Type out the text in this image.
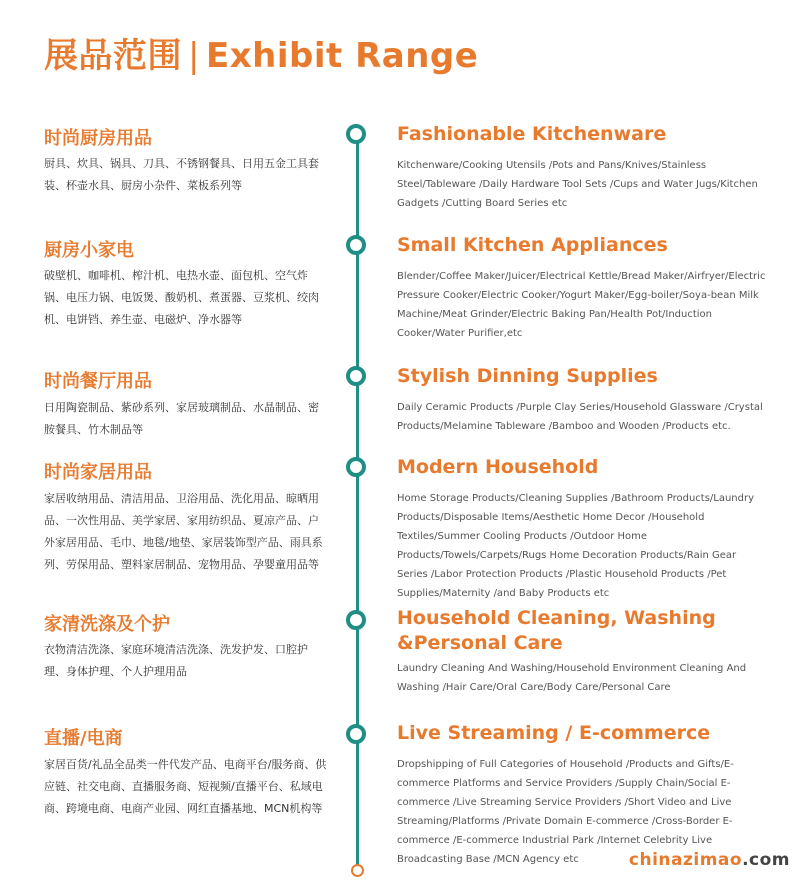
展品范围 | Exhibit Range
时尚厨房用品
厨具、炊具、锅具、刀具、不锈钢餐具、日用五金工具套装、杯壶水具、厨房小杂件、菜板系列等
Fashionable Kitchenware
Kitchenware/Cooking Utensils /Pots and Pans/Knives/Stainless Steel/Tableware /Daily Hardware Tool Sets /Cups and Water Jugs/Kitchen Gadgets /Cutting Board Series etc
厨房小家电
破壁机、咖啡机、榨汁机、电热水壶、面包机、空气炸锅、电压力锅、电饭煲、酸奶机、煮蛋器、豆浆机、绞肉机、电饼铛、养生壶、电磁炉、净水器等
Small Kitchen Appliances
Blender/Coffee Maker/Juicer/Electrical Kettle/Bread Maker/Airfryer/Electric Pressure Cooker/Electric Cooker/Yogurt Maker/Egg-boiler/Soya-bean Milk Machine/Meat Grinder/Electric Baking Pan/Health Pot/Induction Cooker/Water Purifier,etc
时尚餐厅用品
日用陶瓷制品、紫砂系列、家居玻璃制品、水晶制品、密胺餐具、竹木制品等
Stylish Dinning Supplies
Daily Ceramic Products /Purple Clay Series/Household Glassware /Crystal Products/Melamine Tableware /Bamboo and Wooden /Products etc.
时尚家居用品
家居收纳用品、清洁用品、卫浴用品、洗化用品、晾晒用品、一次性用品、美学家居、家用纺织品、夏凉产品、户外家居用品、毛巾、地毯/地垫、家居装饰型产品、雨具系列、劳保用品、塑料家居制品、宠物用品、孕婴童用品等
Modern Household
Home Storage Products/Cleaning Supplies /Bathroom Products/Laundry Products/Disposable Items/Aesthetic Home Decor /Household Textiles/Summer Cooling Products /Outdoor Home Products/Towels/Carpets/Rugs Home Decoration Products/Rain Gear Series /Labor Protection Products /Plastic Household Products /Pet Supplies/Maternity /and Baby Products etc
家清洗涤及个护
衣物清洁洗涤、家庭环境清洁洗涤、洗发护发、口腔护理、身体护理、个人护理用品
Household Cleaning, Washing &Personal Care
Laundry Cleaning And Washing/Household Environment Cleaning And Washing /Hair Care/Oral Care/Body Care/Personal Care
直播/电商
家居百货/礼品全品类一件代发产品、电商平台/服务商、供应链、社交电商、直播服务商、短视频/直播平台、私域电商、跨境电商、电商产业园、网红直播基地、MCN机构等
Live Streaming / E-commerce
Dropshipping of Full Categories of Household /Products and Gifts/E-commerce Platforms and Service Providers /Supply Chain/Social E-commerce /Live Streaming Service Providers /Short Video and Live Streaming/Platforms /Private Domain E-commerce /Cross-Border E-commerce /E-commerce Industrial Park /Internet Celebrity Live Broadcasting Base /MCN Agency etc	chinazimao.com
